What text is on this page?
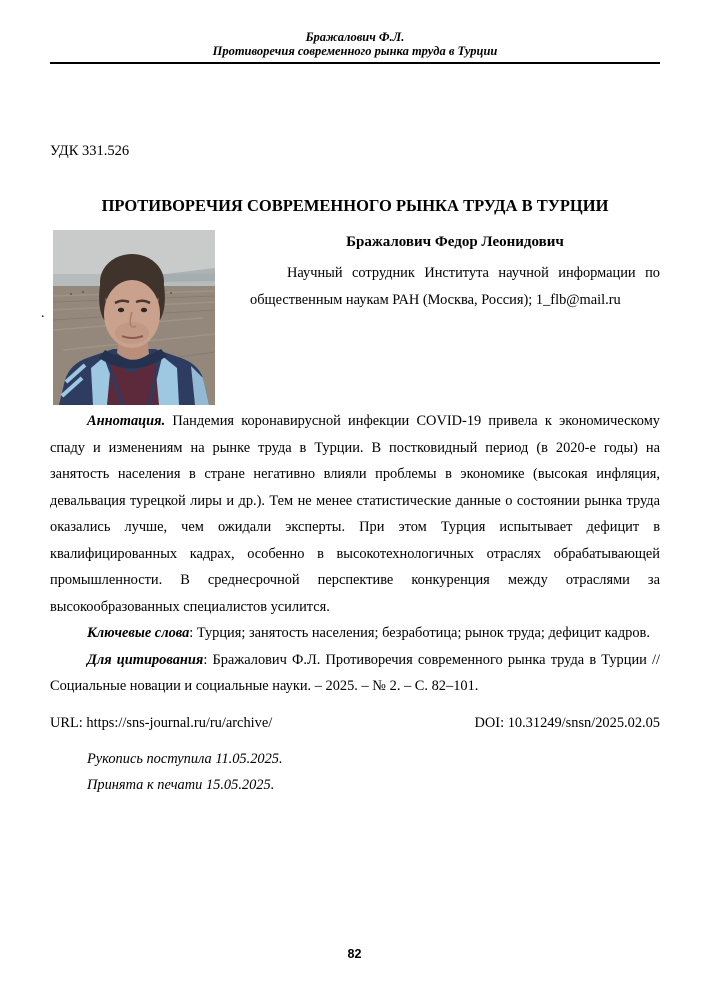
Бражалович Ф.Л.
Противоречия современного рынка труда в Турции
УДК 331.526
ПРОТИВОРЕЧИЯ СОВРЕМЕННОГО РЫНКА ТРУДА В ТУРЦИИ
Бражалович Федор Леонидович

Научный сотрудник Института научной информации по общественным наукам РАН (Москва, Россия); 1_flb@mail.ru

Аннотация. Пандемия коронавирусной инфекции COVID-19 привела к экономическому спаду и изменениям на рынке труда в Турции. В постковидный период (в 2020-е годы) на занятость населения в стране негативно влияли проблемы в экономике (высокая инфляция, девальвация турецкой лиры и др.). Тем не менее статистические данные о состоянии рынка труда оказались лучше, чем ожидали эксперты. При этом Турция испытывает дефицит в квалифицированных кадрах, особенно в высокотехнологичных отраслях обрабатывающей промышленности. В среднесрочной перспективе конкуренция между отраслями за высокообразованных специалистов усилится.

Ключевые слова: Турция; занятость населения; безработица; рынок труда; дефицит кадров.

Для цитирования: Бражалович Ф.Л. Противоречия современного рынка труда в Турции // Социальные новации и социальные науки. – 2025. – № 2. – С. 82–101.

URL: https://sns-journal.ru/ru/archive/	DOI: 10.31249/snsn/2025.02.05

Рукопись поступила 11.05.2025.

Принята к печати 15.05.2025.

.
82
